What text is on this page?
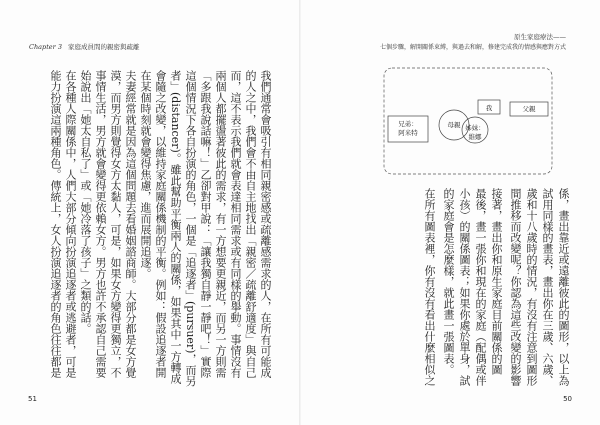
Chapter 3 家庭成員間的親密與疏離
我們通常會吸引有相同親密感或疏離感需求的人，在所有可能成
的人之中，我們會不由自主地找出「親密／疏離舒適度」與自己
而，這不表示我們就會表達相同需求或有同樣的舉動。事情沒有
兩個人都擺盪著彼此的需求，有一方想要更親近，而另一方則需
「多跟我說話嘛！」乙卻對甲說：「讓我獨自靜一靜吧！」實際
這個情況下各自扮演的角色，一個是「追逐者」(pursuer)，而另
者」(distancer)。雖此幫助平衡兩人的關係，如果其中一方轉成
會隨之改變，以維持家庭關係機制的平衡。例如：假設追逐者開
在某個時刻就會變得焦慮，進而展開追逐。
夫妻經常就是因為這個問題去看婚姻諮商師。大部分都是女方覺
漠，而男方則覺得女方太黏人，可是，如果女方變得更獨立，不
事情生活，男方就會變得更依賴女方。男方也許不承認自己需要
始說出「她太自私了」或「她冷落了孩子」之類的話。
在各種人際關係中，人們大部分傾向扮演追逐者或逃避者，可是
能力扮演這兩種角色。傳統上，女人扮演追逐者的角色往往都是
51
原生家庭療法——
七個步驟，解開關係束縛，與過去和解，修建完成我的情感與應對方式
我	父親
母親 姊妹：
維娜
兄弟：
阿米特
係，畫出靠近或遠離彼此的圖形，以上為
試用同樣的畫表，畫出你在三歲、六歲、
歲和十八歲時的情況，有沒有注意到圖形
間推移而改變呢？你認為這些改變的影響
接著，畫出你和原生家庭目前關係的圖
最後，畫一張你和現在的家庭（配偶或伴
小孩）的關係圖表；如果你處於單身，試
的家庭會是怎麼樣，就此畫一張圖表。
在所有圖表裡，你有沒有看出什麼相似之
50
